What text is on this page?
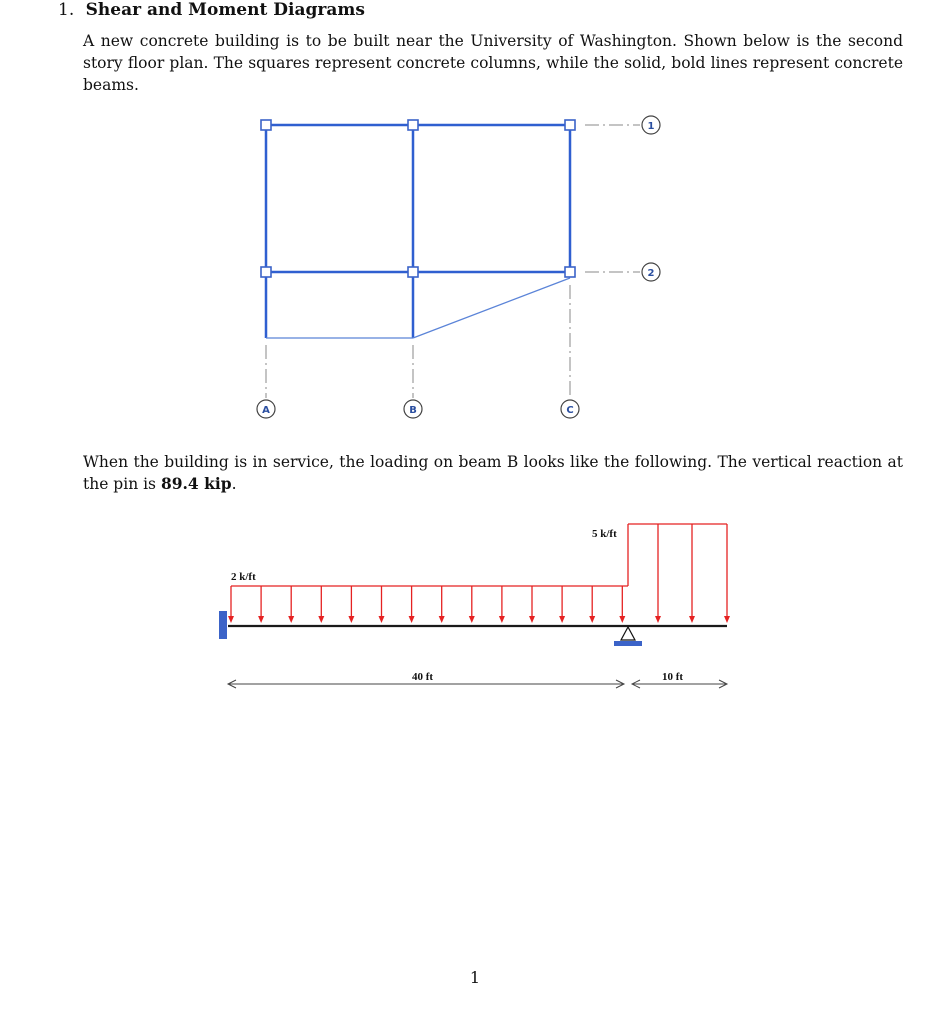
1. Shear and Moment Diagrams
A new concrete building is to be built near the University of Washington. Shown below is the second story floor plan. The squares represent concrete columns, while the solid, bold lines represent concrete beams.
1
2
A	B	C
2 k/ft
5 k/ft
40 ft	10 ft
When the building is in service, the loading on beam B looks like the following. The vertical reaction at the pin is 89.4 kip.
1
